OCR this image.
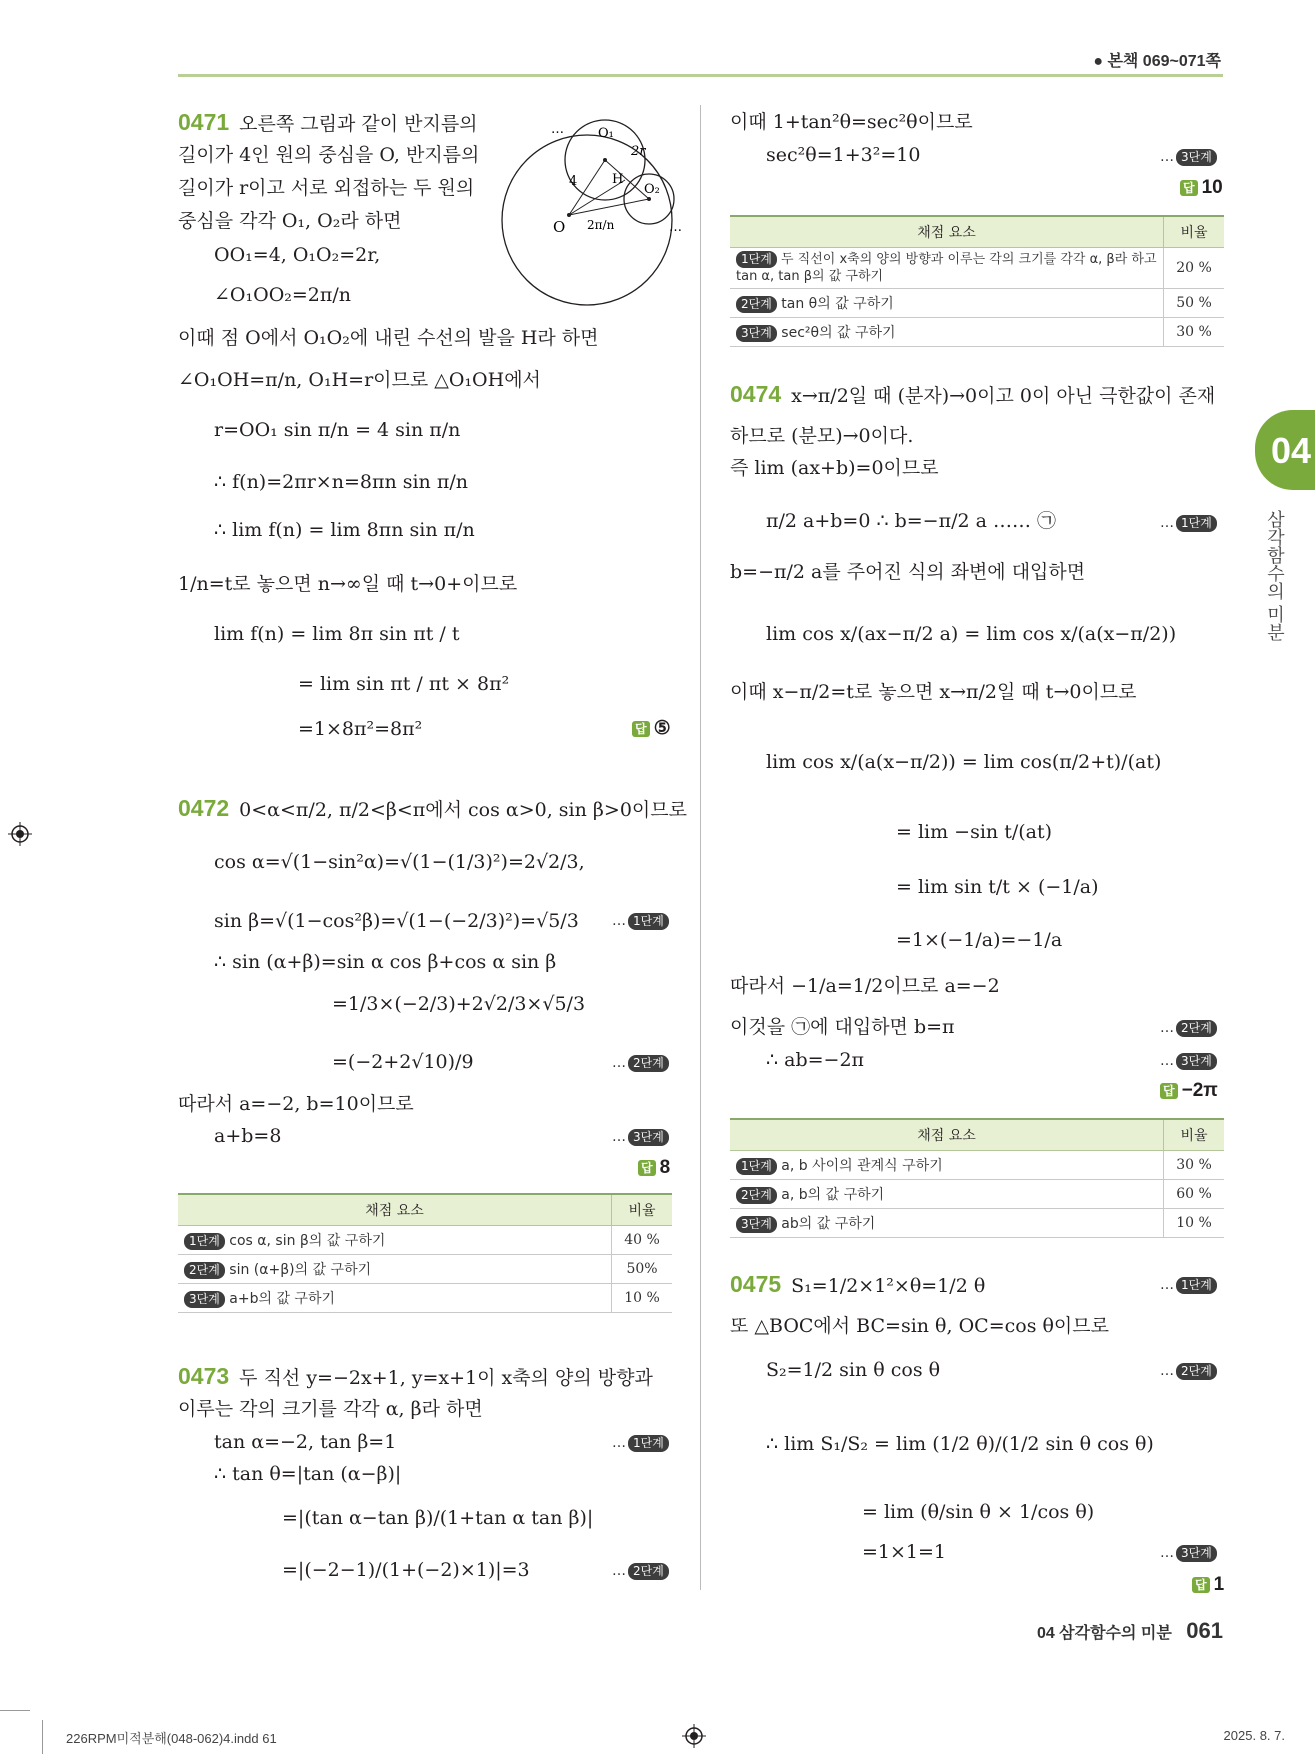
● 본책 069~071쪽
04
삼각함수의 미분
0471 오른쪽 그림과 같이 반지름의
길이가 4인 원의 중심을 O, 반지름의
길이가 r이고 서로 외접하는 두 원의
중심을 각각 O₁, O₂라 하면
OO₁=4, O₁O₂=2r,
∠O₁OO₂=2π/n
이때 점 O에서 O₁O₂에 내린 수선의 발을 H라 하면
∠O₁OH=π/n, O₁H=r이므로 △O₁OH에서
r=OO₁ sin π/n = 4 sin π/n
∴ f(n)=2πr×n=8πn sin π/n
∴ lim f(n) = lim 8πn sin π/n
1/n=t로 놓으면 n→∞일 때 t→0+이므로
lim f(n) = lim 8π sin πt / t
= lim sin πt / πt × 8π²
=1×8π²=8π²	답 ⑤
O
O₁
O₂
H
2r
4
2π/n
…
…
0472 0<α<π/2, π/2<β<π에서 cos α>0, sin β>0이므로
cos α=√(1−sin²α)=√(1−(1/3)²)=2√2/3,
sin β=√(1−cos²β)=√(1−(−2/3)²)=√5/3 … 1단계
∴ sin (α+β)=sin α cos β+cos α sin β
=1/3×(−2/3)+2√2/3×√5/3
=(−2+2√10)/9	… 2단계
따라서 a=−2, b=10이므로
a+b=8	… 3단계
답 8
채점 요소	비율
1단계 cos α, sin β의 값 구하기	40 %
2단계 sin (α+β)의 값 구하기	50%
3단계 a+b의 값 구하기	10 %
0473 두 직선 y=−2x+1, y=x+1이 x축의 양의 방향과
이루는 각의 크기를 각각 α, β라 하면
tan α=−2, tan β=1	… 1단계
∴ tan θ=|tan (α−β)|
=|(tan α−tan β)/(1+tan α tan β)|
=|(−2−1)/(1+(−2)×1)|=3	… 2단계
이때 1+tan²θ=sec²θ이므로
sec²θ=1+3²=10	… 3단계
답 10
채점 요소	비율
1단계 두 직선이 x축의 양의 방향과 이루는 각의 크기를 각각 α, β라 하고 tan α, tan β의 값 구하기	20 %
2단계 tan θ의 값 구하기	50 %
3단계 sec²θ의 값 구하기	30 %
0474 x→π/2일 때 (분자)→0이고 0이 아닌 극한값이 존재
하므로 (분모)→0이다.
즉 lim (ax+b)=0이므로
π/2 a+b=0 ∴ b=−π/2 a …… ㉠	… 1단계
b=−π/2 a를 주어진 식의 좌변에 대입하면
lim cos x/(ax−π/2 a) = lim cos x/(a(x−π/2))
이때 x−π/2=t로 놓으면 x→π/2일 때 t→0이므로
lim cos x/(a(x−π/2)) = lim cos(π/2+t)/(at)
= lim −sin t/(at)
= lim sin t/t × (−1/a)
=1×(−1/a)=−1/a
따라서 −1/a=1/2이므로 a=−2
이것을 ㉠에 대입하면 b=π	… 2단계
∴ ab=−2π	… 3단계
답 −2π
채점 요소	비율
1단계 a, b 사이의 관계식 구하기	30 %
2단계 a, b의 값 구하기	60 %
3단계 ab의 값 구하기	10 %
0475 S₁=1/2×1²×θ=1/2 θ	… 1단계
또 △BOC에서 BC=sin θ, OC=cos θ이므로
S₂=1/2 sin θ cos θ	… 2단계
∴ lim S₁/S₂ = lim (1/2 θ)/(1/2 sin θ cos θ)
= lim (θ/sin θ × 1/cos θ)
=1×1=1	… 3단계
답 1
04 삼각함수의 미분 061
226RPM미적분해(048-062)4.indd 61	2025. 8. 7.
